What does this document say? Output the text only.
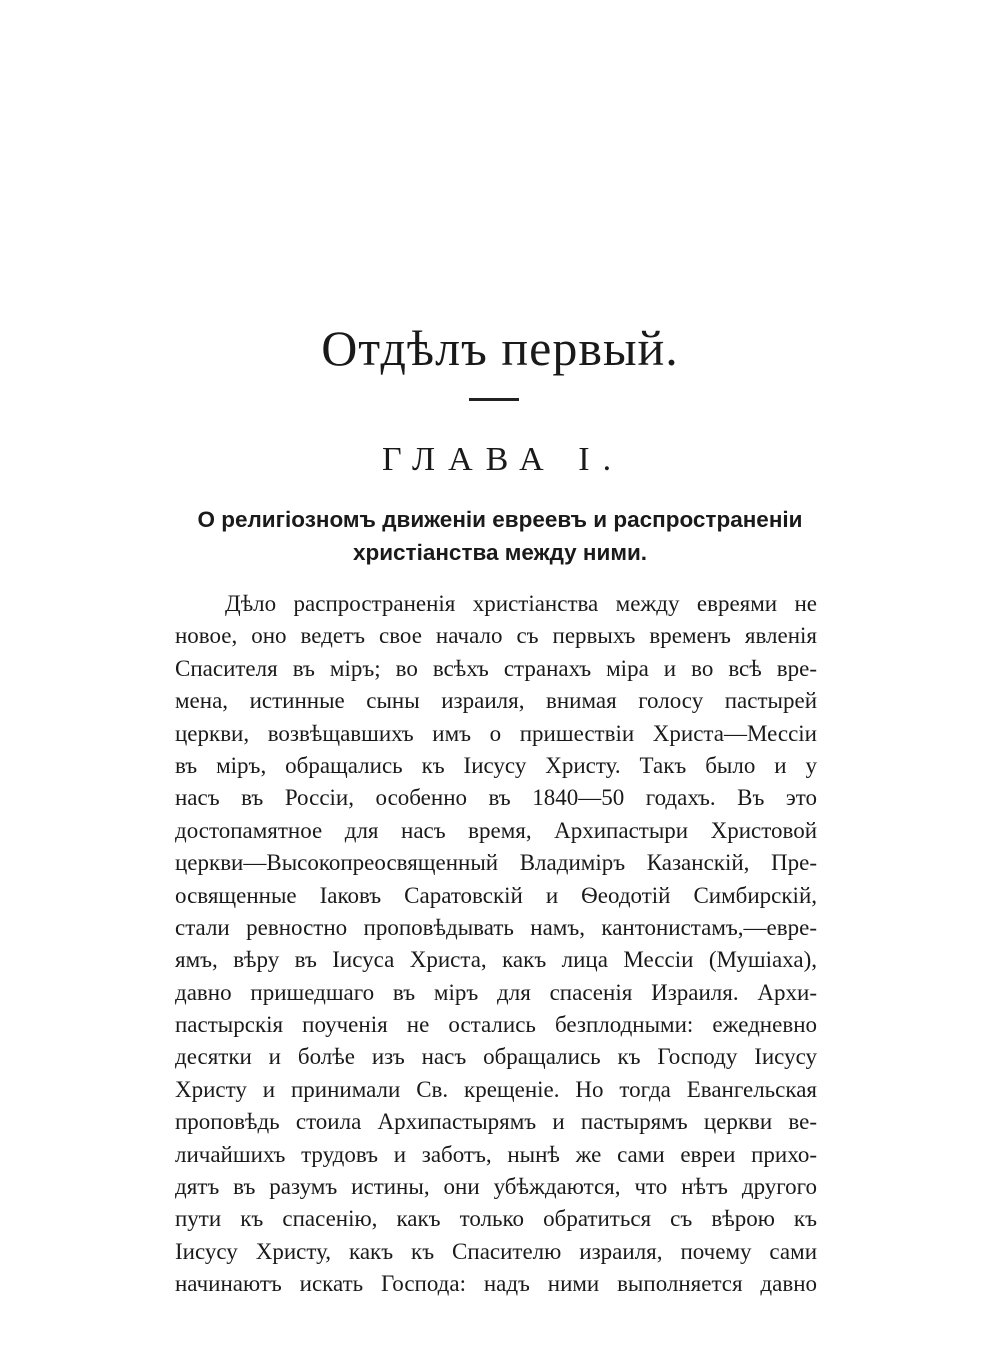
Отдѣлъ первый.
ГЛАВА I.
О религіозномъ движеніи евреевъ и распространеніи
христіанства между ними.
Дѣло распространенія христіанства между евреями не
новое, оно ведетъ свое начало съ первыхъ временъ явленія
Спасителя въ міръ; во всѣхъ странахъ міра и во всѣ вре-
мена, истинные сыны израиля, внимая голосу пастырей
церкви, возвѣщавшихъ имъ о пришествіи Христа—Мессіи
въ міръ, обращались къ Іисусу Христу. Такъ было и у
насъ въ Россіи, особенно въ 1840—50 годахъ. Въ это
достопамятное для насъ время, Архипастыри Христовой
церкви—Высокопреосвященный Владиміръ Казанскій, Пре-
освященные Іаковъ Саратовскій и Ѳеодотій Симбирскій,
стали ревностно проповѣдывать намъ, кантонистамъ,—евре-
ямъ, вѣру въ Іисуса Христа, какъ лица Мессіи (Мушіаха),
давно пришедшаго въ міръ для спасенія Израиля. Архи-
пастырскія поученія не остались безплодными: ежедневно
десятки и болѣе изъ насъ обращались къ Господу Іисусу
Христу и принимали Св. крещеніе. Но тогда Евангельская
проповѣдь стоила Архипастырямъ и пастырямъ церкви ве-
личайшихъ трудовъ и заботъ, нынѣ же сами евреи прихо-
дятъ въ разумъ истины, они убѣждаются, что нѣтъ другого
пути къ спасенію, какъ только обратиться съ вѣрою къ
Іисусу Христу, какъ къ Спасителю израиля, почему сами
начинаютъ искать Господа: надъ ними выполняется давно
